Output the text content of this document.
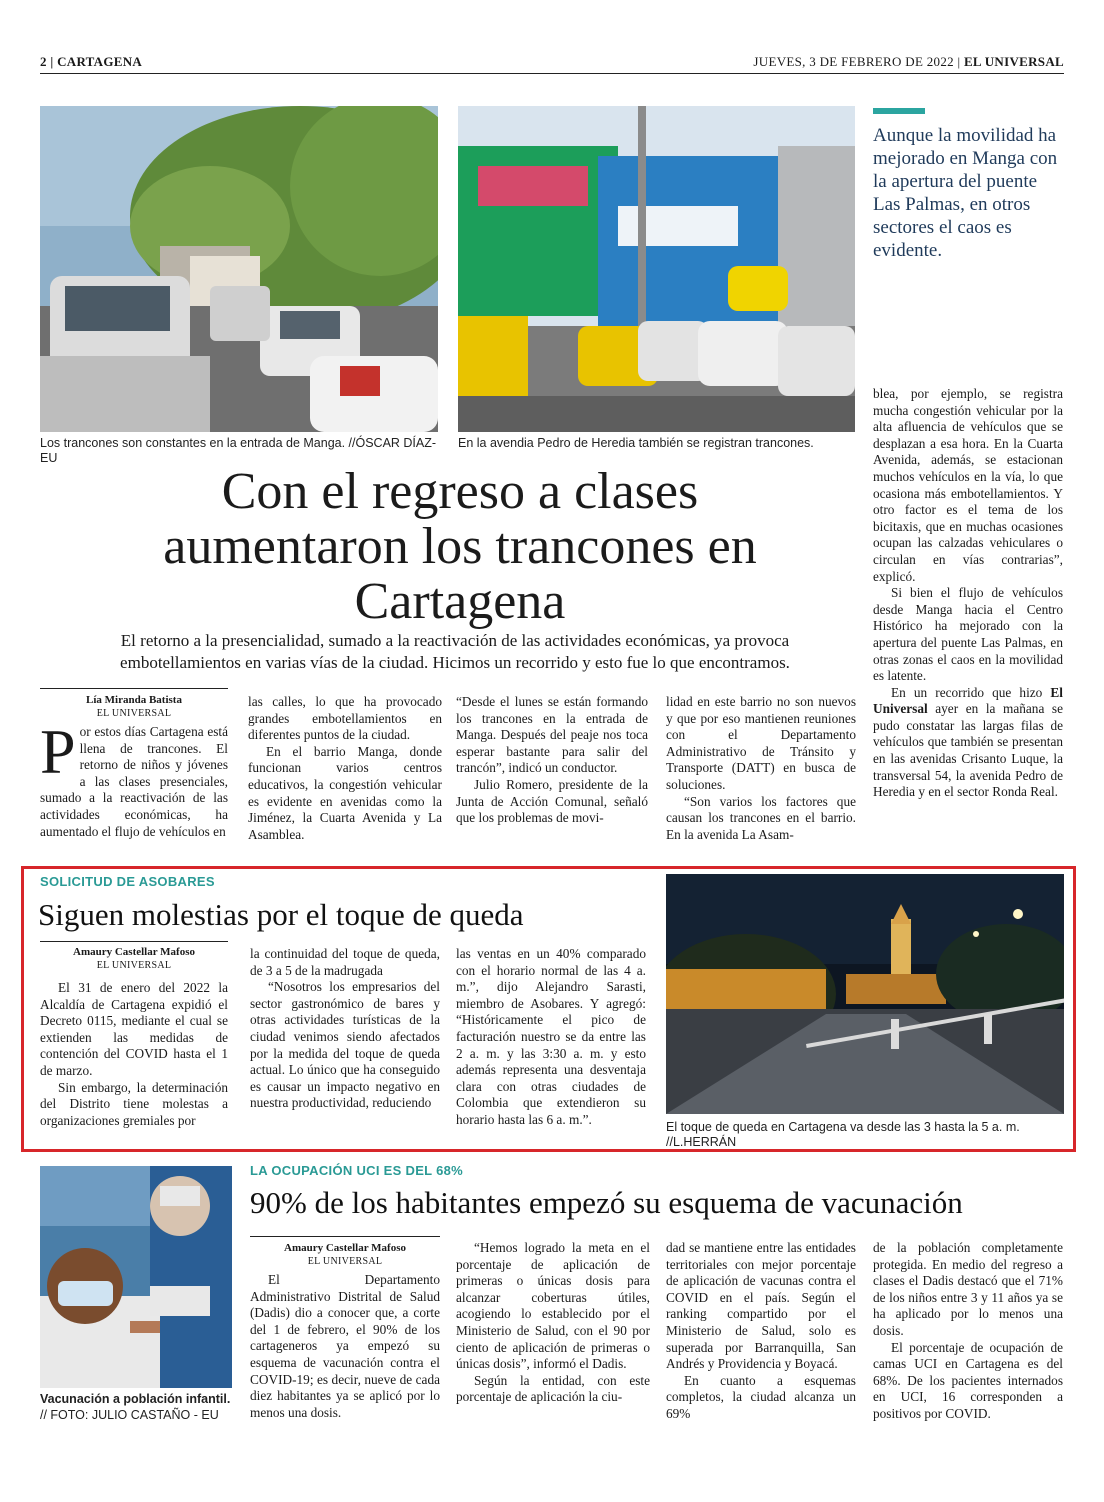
2 | CARTAGENA	JUEVES, 3 DE FEBRERO DE 2022 | EL UNIVERSAL
Los trancones son constantes en la entrada de Manga. //ÓSCAR DÍAZ-EU
En la avendia Pedro de Heredia también se registran trancones.
Aunque la movilidad ha mejorado en Manga con la apertura del puente Las Palmas, en otros sectores el caos es evidente.
Con el regreso a clases aumentaron los trancones en Cartagena
El retorno a la presencialidad, sumado a la reactivación de las actividades económicas, ya provoca embotellamientos en varias vías de la ciudad. Hicimos un recorrido y esto fue lo que encontramos.
Lía Miranda Batista
EL UNIVERSAL
P or estos días Cartagena está llena de trancones. El retorno de niños y jóvenes a las clases presenciales, sumado a la reactivación de las actividades económicas, ha aumentado el flujo de vehículos en

las calles, lo que ha provocado grandes embotellamientos en diferentes puntos de la ciudad.

En el barrio Manga, donde funcionan varios centros educativos, la congestión vehicular es evidente en avenidas como la Jiménez, la Cuarta Avenida y La Asamblea.

“Desde el lunes se están formando los trancones en la entrada de Manga. Después del peaje nos toca esperar bastante para salir del trancón”, indicó un conductor.

Julio Romero, presidente de la Junta de Acción Comunal, señaló que los problemas de movi-

lidad en este barrio no son nuevos y que por eso mantienen reuniones con el Departamento Administrativo de Tránsito y Transporte (DATT) en busca de soluciones.

“Son varios los factores que causan los trancones en el barrio. En la avenida La Asam-

blea, por ejemplo, se registra mucha congestión vehicular por la alta afluencia de vehículos que se desplazan a esa hora. En la Cuarta Avenida, además, se estacionan muchos vehículos en la vía, lo que ocasiona más embotellamientos. Y otro factor es el tema de los bicitaxis, que en muchas ocasiones ocupan las calzadas vehiculares o circulan en vías contrarias”, explicó.

Si bien el flujo de vehículos desde Manga hacia el Centro Histórico ha mejorado con la apertura del puente Las Palmas, en otras zonas el caos en la movilidad es latente.

En un recorrido que hizo El Universal ayer en la mañana se pudo constatar las largas filas de vehículos que también se presentan en las avenidas Crisanto Luque, la transversal 54, la avenida Pedro de Heredia y en el sector Ronda Real.

SOLICITUD DE ASOBARES
Siguen molestias por el toque de queda
Amaury Castellar Mafoso
EL UNIVERSAL

El 31 de enero del 2022 la Alcaldía de Cartagena expidió el Decreto 0115, mediante el cual se extienden las medidas de contención del COVID hasta el 1 de marzo.

Sin embargo, la determinación del Distrito tiene molestas a organizaciones gremiales por

la continuidad del toque de queda, de 3 a 5 de la madrugada

“Nosotros los empresarios del sector gastronómico de bares y otras actividades turísticas de la ciudad venimos siendo afectados por la medida del toque de queda actual. Lo único que ha conseguido es causar un impacto negativo en nuestra productividad, reduciendo

las ventas en un 40% comparado con el horario normal de las 4 a. m.”, dijo Alejandro Sarasti, miembro de Asobares. Y agregó: “Históricamente el pico de facturación nuestro se da entre las 2 a. m. y las 3:30 a. m. y esto además representa una desventaja clara con otras ciudades de Colombia que extendieron su horario hasta las 6 a. m.”.

El toque de queda en Cartagena va desde las 3 hasta la 5 a. m. //L.HERRÁN
Vacunación a población infantil.
// FOTO: JULIO CASTAÑO - EU
LA OCUPACIÓN UCI ES DEL 68%
90% de los habitantes empezó su esquema de vacunación
Amaury Castellar Mafoso
EL UNIVERSAL

El Departamento Administrativo Distrital de Salud (Dadis) dio a conocer que, a corte del 1 de febrero, el 90% de los cartageneros ya empezó su esquema de vacunación contra el COVID-19; es decir, nueve de cada diez habitantes ya se aplicó por lo menos una dosis.

“Hemos logrado la meta en el porcentaje de aplicación de primeras o únicas dosis para alcanzar coberturas útiles, acogiendo lo establecido por el Ministerio de Salud, con el 90 por ciento de aplicación de primeras o únicas dosis”, informó el Dadis.

Según la entidad, con este porcentaje de aplicación la ciu-

dad se mantiene entre las entidades territoriales con mejor porcentaje de aplicación de vacunas contra el COVID en el país. Según el ranking compartido por el Ministerio de Salud, solo es superada por Barranquilla, San Andrés y Providencia y Boyacá.

En cuanto a esquemas completos, la ciudad alcanza un 69%

de la población completamente protegida. En medio del regreso a clases el Dadis destacó que el 71% de los niños entre 3 y 11 años ya se ha aplicado por lo menos una dosis.

El porcentaje de ocupación de camas UCI en Cartagena es del 68%. De los pacientes internados en UCI, 16 corresponden a positivos por COVID.
